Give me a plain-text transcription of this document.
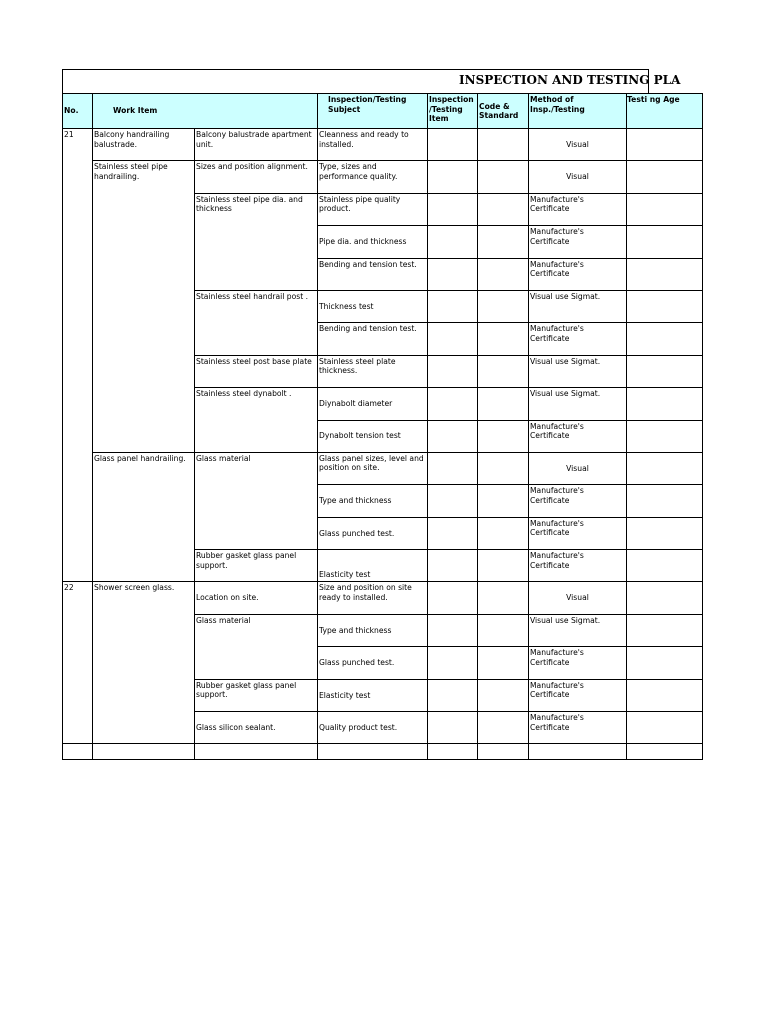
INSPECTION AND TESTING PLA
No.	Work Item		Inspection/Testing Subject	Inspection /Testing Item	Code & Standard	Method of Insp./Testing	Testi ng Age
21	Balcony handrailing balustrade.	Balcony balustrade apartment unit.	Cleanness and ready to installed.			Visual	
	Stainless steel pipe handrailing.	Sizes and position alignment.	Type, sizes and performance quality.			Visual	
		Stainless steel pipe dia. and thickness	Stainless pipe quality product.			Manufacture's Certificate	
			Pipe dia. and thickness			Manufacture's Certificate	
			Bending and tension test.			Manufacture's Certificate	
		Stainless steel handrail post .	Thickness test			Visual use Sigmat.	
			Bending and tension test.			Manufacture's Certificate	
		Stainless steel post base plate	Stainless steel plate thickness.			Visual use Sigmat.	
		Stainless steel dynabolt .	Diynabolt diameter			Visual use Sigmat.	
			Dynabolt tension test			Manufacture's Certificate	
	Glass panel handrailing.	Glass material	Glass panel sizes, level and position on site.			Visual	
			Type and thickness			Manufacture's Certificate	
			Glass punched test.			Manufacture's Certificate	
		Rubber gasket glass panel support.	Elasticity test			Manufacture's Certificate	
22	Shower screen glass.	Location on site.	Size and position on site ready to installed.			Visual	
		Glass material	Type and thickness			Visual use Sigmat.	
			Glass punched test.			Manufacture's Certificate	
		Rubber gasket glass panel support.	Elasticity test			Manufacture's Certificate	
		Glass silicon sealant.	Quality product test.			Manufacture's Certificate	
